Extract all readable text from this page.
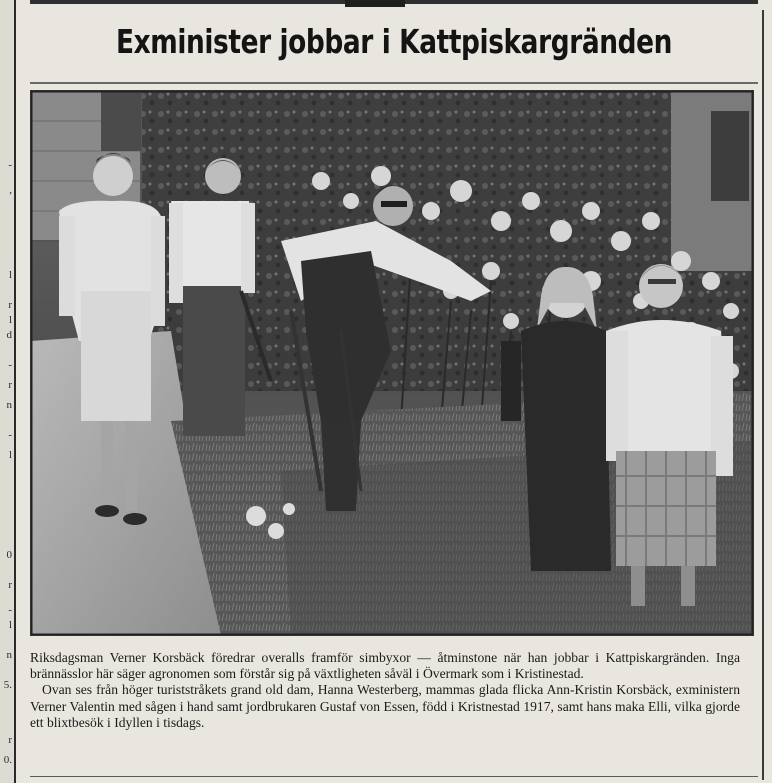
-
,
l
r
l
d
-
r
n
-
l
0
r
-
l
n
5.
r
0.
Exminister jobbar i Kattpiskargränden

Riksdagsman Verner Korsbäck föredrar overalls framför simbyxor — åtminstone när han jobbar i Kattpiskargränden. Inga brännässlor här säger agronomen som förstår sig på växtligheten såväl i Övermark som i Kristinestad.

Ovan ses från höger turiststråkets grand old dam, Hanna Westerberg, mammas glada flicka Ann-Kristin Korsbäck, exministern Verner Valentin med sågen i hand samt jordbrukaren Gustaf von Essen, född i Kristnestad 1917, samt hans maka Elli, vilka gjorde ett blixtbesök i Idyllen i tisdags.
